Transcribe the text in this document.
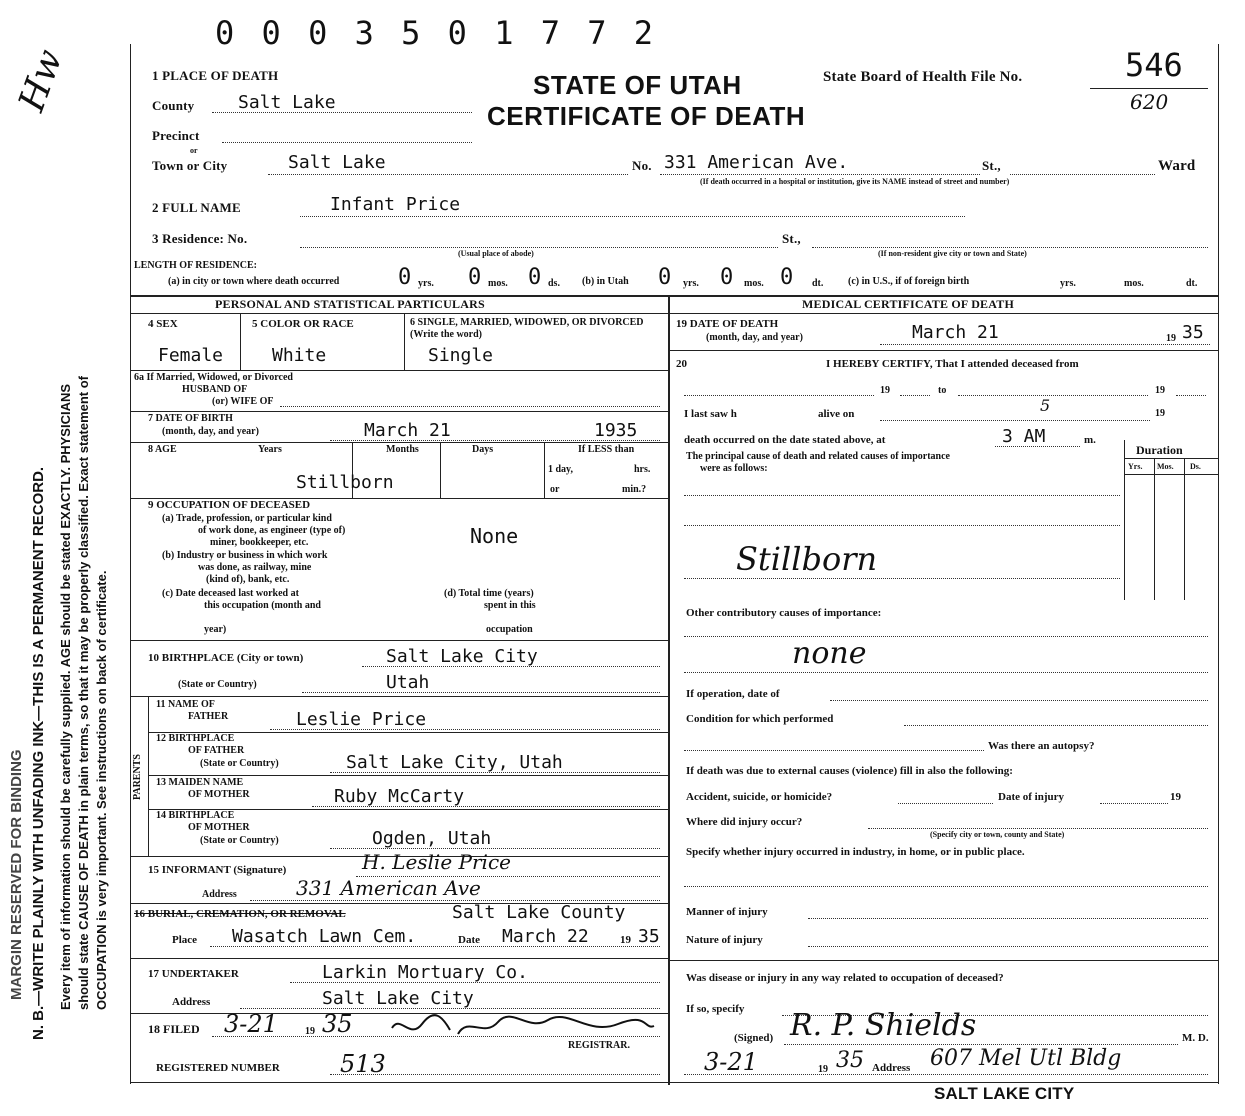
0 0 0 3 5 0 1 7 7 2
Hw	STATE OF UTAH
CERTIFICATE OF DEATH
State Board of Health File No.	546
620
MARGIN RESERVED FOR BINDING N. B.—WRITE PLAINLY WITH UNFADING INK—THIS IS A PERMANENT RECORD. Every item of information should be carefully supplied. AGE should be stated EXACTLY. PHYSICIANS should state CAUSE OF DEATH in plain terms, so that it may be properly classified. Exact statement of OCCUPATION is very important. See instructions on back of certificate.
1 PLACE OF DEATH
County Salt Lake
Precinct
or
Town or City	Salt Lake	No. 331 American Ave.	St.,	Ward
(If death occurred in a hospital or institution, give its NAME instead of street and number)
2 FULL NAME	Infant Price
3 Residence: No.
(Usual place of abode)
St.,
(If non-resident give city or town and State)
LENGTH OF RESIDENCE:
(a) in city or town where death occurred	0 yrs. 0 mos. 0 ds. (b) in Utah 0 yrs. 0 mos. 0 dt. (c) in U.S., if of foreign birth	yrs.	mos.	dt.
PERSONAL AND STATISTICAL PARTICULARS	MEDICAL CERTIFICATE OF DEATH
4 SEX
Female
5 COLOR OR RACE
White
6 SINGLE, MARRIED, WIDOWED, OR DIVORCED (Write the word)
Single
6a If Married, Widowed, or Divorced
HUSBAND OF
(or) WIFE OF
7 DATE OF BIRTH
(month, day, and year)	March 21	1935
8 AGE	Years	Months	Days	If LESS than
1 day,	hrs.
or	min.?
Stillborn
9 OCCUPATION OF DECEASED
(a) Trade, profession, or particular kind
of work done, as engineer (type of)
miner, bookkeeper, etc.	None
(b) Industry or business in which work
was done, as railway, mine
(kind of), bank, etc.
(c) Date deceased last worked at
this occupation (month and
year)
(d) Total time (years)
spent in this
occupation
10 BIRTHPLACE (City or town)	Salt Lake City
(State or Country)	Utah
PARENTS
11 NAME OF
FATHER	Leslie Price
12 BIRTHPLACE
OF FATHER
(State or Country)	Salt Lake City, Utah
13 MAIDEN NAME
OF MOTHER	Ruby McCarty
14 BIRTHPLACE
OF MOTHER
(State or Country)	Ogden, Utah
15 INFORMANT (Signature)	H. Leslie Price
Address	331 American Ave
16 BURIAL, CREMATION, OR REMOVAL	Salt Lake County
Place Wasatch Lawn Cem.	Date March 22	19 35
17 UNDERTAKER	Larkin Mortuary Co.
Address	Salt Lake City
18 FILED 3-21	19 35
REGISTRAR.
REGISTERED NUMBER	513
19 DATE OF DEATH
(month, day, and year)	March 21	19 35
20	I HEREBY CERTIFY, That I attended deceased from
19	to	19
I last saw h	alive on	5	19
death occurred on the date stated above, at	3 AM	m.
The principal cause of death and related causes of importance
were as follows:
Duration
Yrs. Mos. Ds.
Stillborn
Other contributory causes of importance:
none
If operation, date of
Condition for which performed
Was there an autopsy?
If death was due to external causes (violence) fill in also the following:
Accident, suicide, or homicide?	Date of injury	19
Where did injury occur?
(Specify city or town, county and State)
Specify whether injury occurred in industry, in home, or in public place.
Manner of injury
Nature of injury
Was disease or injury in any way related to occupation of deceased?
If so, specify
(Signed) R. P. Shields	M. D.
3-21	19 35 Address 607 Mel Utl Bldg
SALT LAKE CITY
